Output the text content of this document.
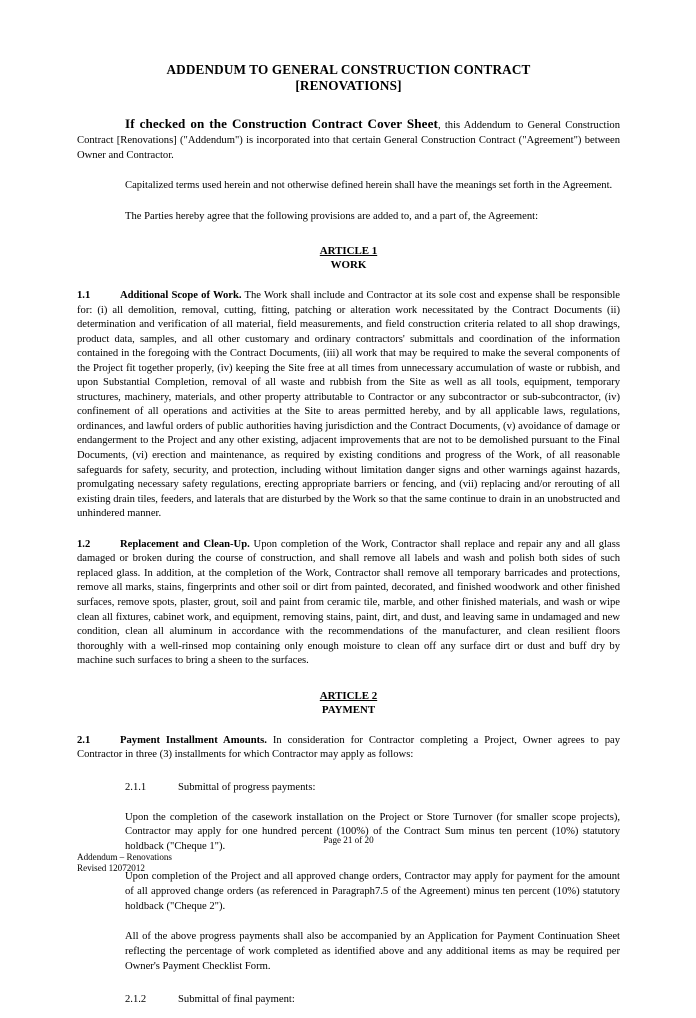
ADDENDUM TO GENERAL CONSTRUCTION CONTRACT
[RENOVATIONS]

If checked on the Construction Contract Cover Sheet, this Addendum to General Construction Contract [Renovations] ("Addendum") is incorporated into that certain General Construction Contract ("Agreement") between Owner and Contractor.

Capitalized terms used herein and not otherwise defined herein shall have the meanings set forth in the Agreement.

The Parties hereby agree that the following provisions are added to, and a part of, the Agreement:

ARTICLE 1
WORK

1.1	Additional Scope of Work. The Work shall include and Contractor at its sole cost and expense shall be responsible for: (i) all demolition, removal, cutting, fitting, patching or alteration work necessitated by the Contract Documents (ii) determination and verification of all material, field measurements, and field construction criteria related to all shop drawings, product data, samples, and all other customary and ordinary contractors' submittals and coordination of the information contained in the foregoing with the Contract Documents, (iii) all work that may be required to make the several components of the Project fit together properly, (iv) keeping the Site free at all times from unnecessary accumulation of waste or rubbish, and upon Substantial Completion, removal of all waste and rubbish from the Site as well as all tools, equipment, temporary structures, machinery, materials, and other property attributable to Contractor or any subcontractor or sub-subcontractor, (iv) confinement of all operations and activities at the Site to areas permitted hereby, and by all applicable laws, regulations, ordinances, and lawful orders of public authorities having jurisdiction and the Contract Documents, (v) avoidance of damage or endangerment to the Project and any other existing, adjacent improvements that are not to be demolished pursuant to the Final Documents, (vi) erection and maintenance, as required by existing conditions and progress of the Work, of all reasonable safeguards for safety, security, and protection, including without limitation danger signs and other warnings against hazards, promulgating necessary safety regulations, erecting appropriate barriers or fencing, and (vii) replacing and/or rerouting of all existing drain tiles, feeders, and laterals that are disturbed by the Work so that the same continue to drain in an unobstructed and unhindered manner.

1.2	Replacement and Clean-Up. Upon completion of the Work, Contractor shall replace and repair any and all glass damaged or broken during the course of construction, and shall remove all labels and wash and polish both sides of such replaced glass. In addition, at the completion of the Work, Contractor shall remove all temporary barricades and protections, remove all marks, stains, fingerprints and other soil or dirt from painted, decorated, and finished woodwork and other finished surfaces, remove spots, plaster, grout, soil and paint from ceramic tile, marble, and other finished materials, and wash or wipe clean all fixtures, cabinet work, and equipment, removing stains, paint, dirt, and dust, and leaving same in undamaged and new condition, clean all aluminum in accordance with the recommendations of the manufacturer, and clean resilient floors thoroughly with a well-rinsed mop containing only enough moisture to clean off any surface dirt or dust and buff dry by machine such surfaces to bring a sheen to the surfaces.

ARTICLE 2
PAYMENT

2.1	Payment Installment Amounts. In consideration for Contractor completing a Project, Owner agrees to pay Contractor in three (3) installments for which Contractor may apply as follows:

2.1.1	Submittal of progress payments:

Upon the completion of the casework installation on the Project or Store Turnover (for smaller scope projects), Contractor may apply for one hundred percent (100%) of the Contract Sum minus ten percent (10%) statutory holdback ("Cheque 1").

Upon completion of the Project and all approved change orders, Contractor may apply for payment for the amount of all approved change orders (as referenced in Paragraph7.5 of the Agreement) minus ten percent (10%) statutory holdback ("Cheque 2").

All of the above progress payments shall also be accompanied by an Application for Payment Continuation Sheet reflecting the percentage of work completed as identified above and any additional items as may be required per Owner's Payment Checklist Form.

2.1.2	Submittal of final payment:

Page 21 of 20
Addendum – Renovations
Revised 12072012
